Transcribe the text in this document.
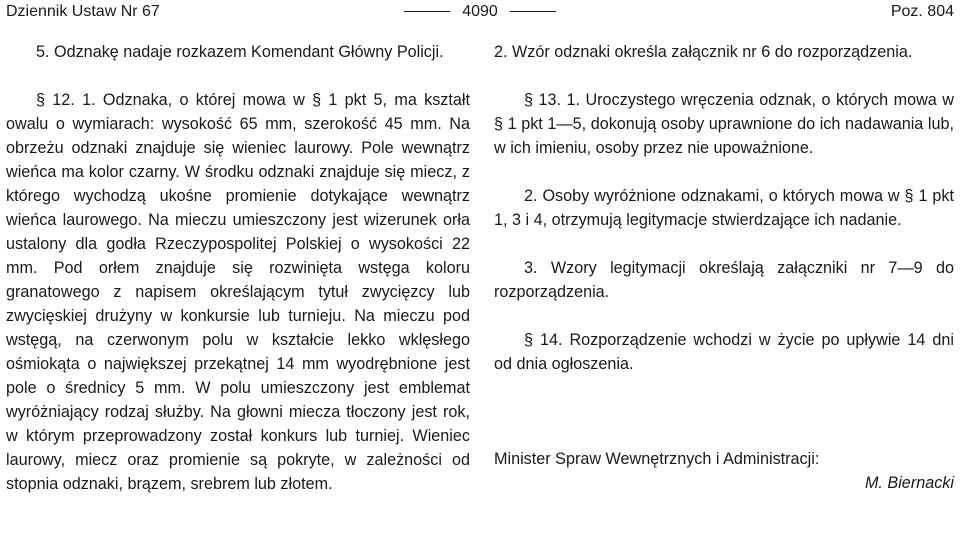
Dziennik Ustaw Nr 67	4090	Poz. 804

5. Odznakę nadaje rozkazem Komendant Główny Policji.

§ 12. 1. Odznaka, o której mowa w § 1 pkt 5, ma kształt owalu o wymiarach: wysokość 65 mm, szerokość 45 mm. Na obrzeżu odznaki znajduje się wieniec laurowy. Pole wewnątrz wieńca ma kolor czarny. W środku odznaki znajduje się miecz, z którego wychodzą ukośne promienie dotykające wewnątrz wieńca laurowego. Na mieczu umieszczony jest wizerunek orła ustalony dla godła Rzeczypospolitej Polskiej o wysokości 22 mm. Pod orłem znajduje się rozwinięta wstęga koloru granatowego z napisem określającym tytuł zwycięzcy lub zwycięskiej drużyny w konkursie lub turnieju. Na mieczu pod wstęgą, na czerwonym polu w kształcie lekko wklęsłego ośmiokąta o największej przekątnej 14 mm wyodrębnione jest pole o średnicy 5 mm. W polu umieszczony jest emblemat wyróżniający rodzaj służby. Na głowni miecza tłoczony jest rok, w którym przeprowadzony został konkurs lub turniej. Wieniec laurowy, miecz oraz promienie są pokryte, w zależności od stopnia odznaki, brązem, srebrem lub złotem.

2. Wzór odznaki określa załącznik nr 6 do rozporządzenia.

§ 13. 1. Uroczystego wręczenia odznak, o których mowa w § 1 pkt 1—5, dokonują osoby uprawnione do ich nadawania lub, w ich imieniu, osoby przez nie upoważnione.

2. Osoby wyróżnione odznakami, o których mowa w § 1 pkt 1, 3 i 4, otrzymują legitymacje stwierdzające ich nadanie.

3. Wzory legitymacji określają załączniki nr 7—9 do rozporządzenia.

§ 14. Rozporządzenie wchodzi w życie po upływie 14 dni od dnia ogłoszenia.

Minister Spraw Wewnętrznych i Administracji:

M. Biernacki
